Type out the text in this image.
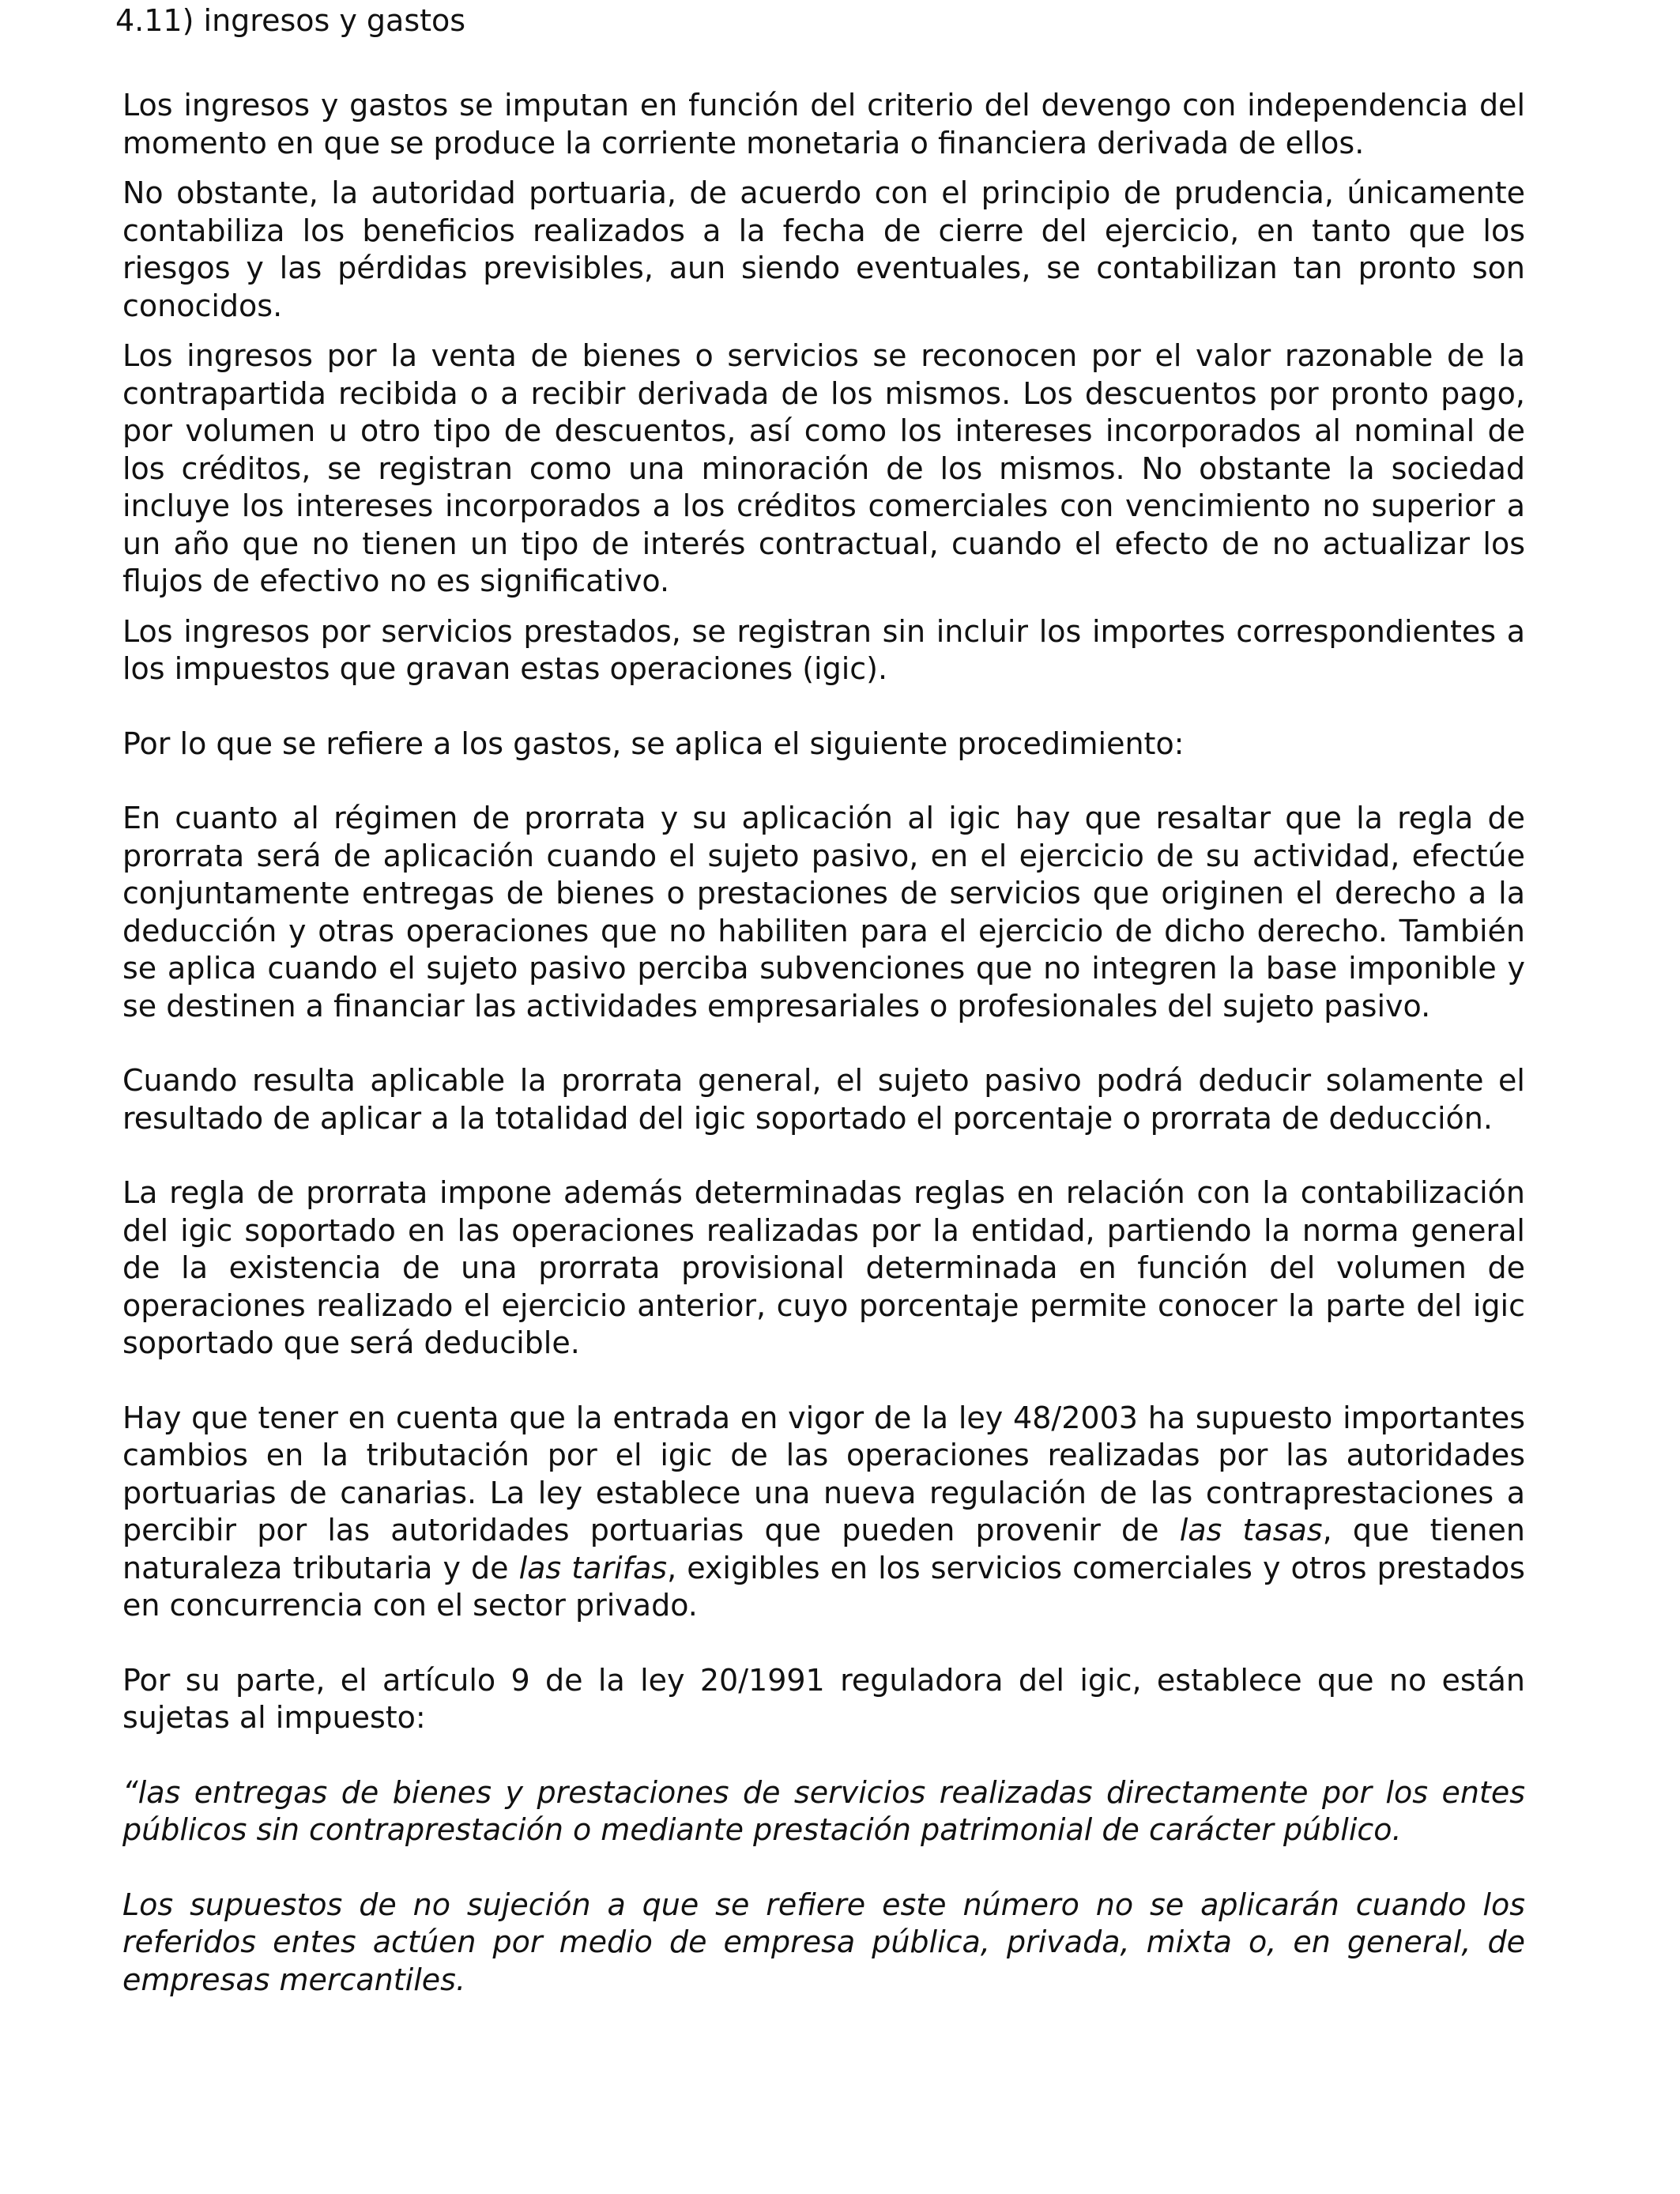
4.11) ingresos y gastos

Los ingresos y gastos se imputan en función del criterio del devengo con independencia del momento en que se produce la corriente monetaria o financiera derivada de ellos.

No obstante, la autoridad portuaria, de acuerdo con el principio de prudencia, únicamente contabiliza los beneficios realizados a la fecha de cierre del ejercicio, en tanto que los riesgos y las pérdidas previsibles, aun siendo eventuales, se contabilizan tan pronto son conocidos.

Los ingresos por la venta de bienes o servicios se reconocen por el valor razonable de la contrapartida recibida o a recibir derivada de los mismos. Los descuentos por pronto pago, por volumen u otro tipo de descuentos, así como los intereses incorporados al nominal de los créditos, se registran como una minoración de los mismos. No obstante la sociedad incluye los intereses incorporados a los créditos comerciales con vencimiento no superior a un año que no tienen un tipo de interés contractual, cuando el efecto de no actualizar los flujos de efectivo no es significativo.

Los ingresos por servicios prestados, se registran sin incluir los importes correspondientes a los impuestos que gravan estas operaciones (igic).

Por lo que se refiere a los gastos, se aplica el siguiente procedimiento:

En cuanto al régimen de prorrata y su aplicación al igic hay que resaltar que la regla de prorrata será de aplicación cuando el sujeto pasivo, en el ejercicio de su actividad, efectúe conjuntamente entregas de bienes o prestaciones de servicios que originen el derecho a la deducción y otras operaciones que no habiliten para el ejercicio de dicho derecho. También se aplica cuando el sujeto pasivo perciba subvenciones que no integren la base imponible y se destinen a financiar las actividades empresariales o profesionales del sujeto pasivo.

Cuando resulta aplicable la prorrata general, el sujeto pasivo podrá deducir solamente el resultado de aplicar a la totalidad del igic soportado el porcentaje o prorrata de deducción.

La regla de prorrata impone además determinadas reglas en relación con la contabilización del igic soportado en las operaciones realizadas por la entidad, partiendo la norma general de la existencia de una prorrata provisional determinada en función del volumen de operaciones realizado el ejercicio anterior, cuyo porcentaje permite conocer la parte del igic soportado que será deducible.

Hay que tener en cuenta que la entrada en vigor de la ley 48/2003 ha supuesto importantes cambios en la tributación por el igic de las operaciones realizadas por las autoridades portuarias de canarias. La ley establece una nueva regulación de las contraprestaciones a percibir por las autoridades portuarias que pueden provenir de las tasas, que tienen naturaleza tributaria y de las tarifas, exigibles en los servicios comerciales y otros prestados en concurrencia con el sector privado.

Por su parte, el artículo 9 de la ley 20/1991 reguladora del igic, establece que no están sujetas al impuesto:

“las entregas de bienes y prestaciones de servicios realizadas directamente por los entes públicos sin contraprestación o mediante prestación patrimonial de carácter público.

Los supuestos de no sujeción a que se refiere este número no se aplicarán cuando los referidos entes actúen por medio de empresa pública, privada, mixta o, en general, de empresas mercantiles.
